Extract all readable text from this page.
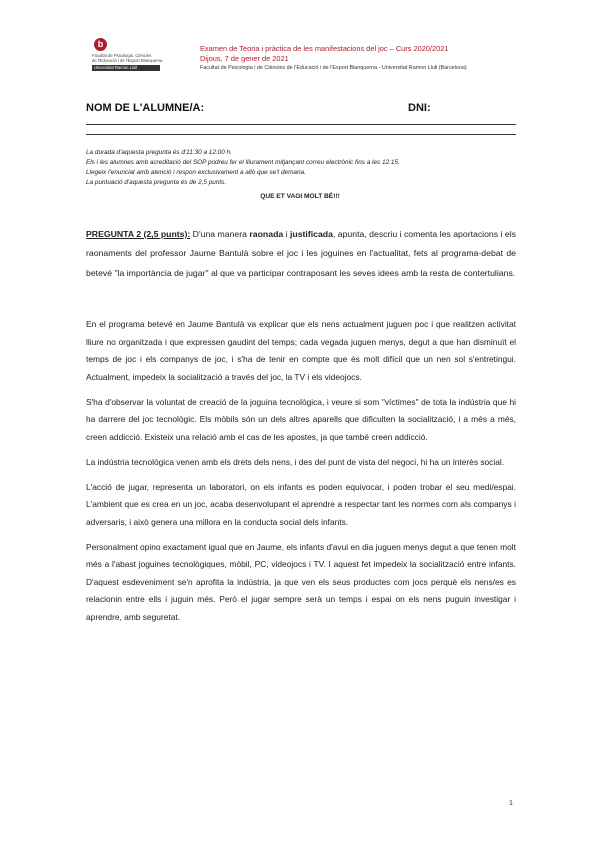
b
Facultat de Psicologia, Ciències
de l'Educació i de l'Esport Blanquerna
Universitat Ramon Llull
Examen de Teoria i pràctica de les manifestacions del joc – Curs 2020/2021
Dijous, 7 de gener de 2021
Facultat de Psicologia i de Ciències de l'Educació i de l'Esport Blanquerna - Universitat Ramon Llull (Barcelona)
NOM DE L'ALUMNE/A:	DNI:

La durada d'aquesta pregunta és d'11:30 a 12:00 h.

Els i les alumnes amb acreditació del SOP podreu fer el lliurament mitjançant correu electrònic fins a les 12:15.

Llegeix l'enunciat amb atenció i respon exclusivament a allò que se't demana.

La puntuació d'aquesta pregunta és de 2,5 punts.

QUE ET VAGI MOLT BÉ!!!
PREGUNTA 2 (2,5 punts): D'una manera raonada i justificada, apunta, descriu i comenta les aportacions i els raonaments del professor Jaume Bantulà sobre el joc i les joguines en l'actualitat, fets al programa-debat de betevé "la importància de jugar" al que va participar contraposant les seves idees amb la resta de contertulians.

En el programa betevé en Jaume Bantulà va explicar que els nens actualment juguen poc i que realitzen activitat lliure no organitzada i que expressen gaudint del temps; cada vegada juguen menys, degut a que han disminuït el temps de joc i els companys de joc, i s'ha de tenir en compte que és molt difícil que un nen sol s'entretingui. Actualment, impedeix la socialització a través del joc, la TV i els videojocs.

S'ha d'observar la voluntat de creació de la joguina tecnològica, i veure si som "víctimes" de tota la indústria que hi ha darrere del joc tecnològic. Els mòbils són un dels altres aparells que dificulten la socialització, i a més a més, creen addicció. Existeix una relació amb el cas de les apostes, ja que també creen addicció.

La indústria tecnològica venen amb els drets dels nens, i des del punt de vista del negoci, hi ha un interès social.

L'acció de jugar, representa un laboratori, on els infants es poden equivocar, i poden trobar el seu medi/espai. L'ambient que es crea en un joc, acaba desenvolupant el aprendre a respectar tant les normes com als companys i adversaris, i això genera una millora en la conducta social dels infants.

Personalment opino exactament igual que en Jaume, els infants d'avui en dia juguen menys degut a que tenen molt més a l'abast joguines tecnològiques, mòbil, PC, videojocs i TV. I aquest fet impedeix la socialització entre infants. D'aquest esdeveniment se'n aprofita la indústria, ja que ven els seus productes com jocs perquè els nens/es es relacionin entre ells i juguin més. Però el jugar sempre serà un temps i espai on els nens puguin investigar i aprendre, amb seguretat.

1
